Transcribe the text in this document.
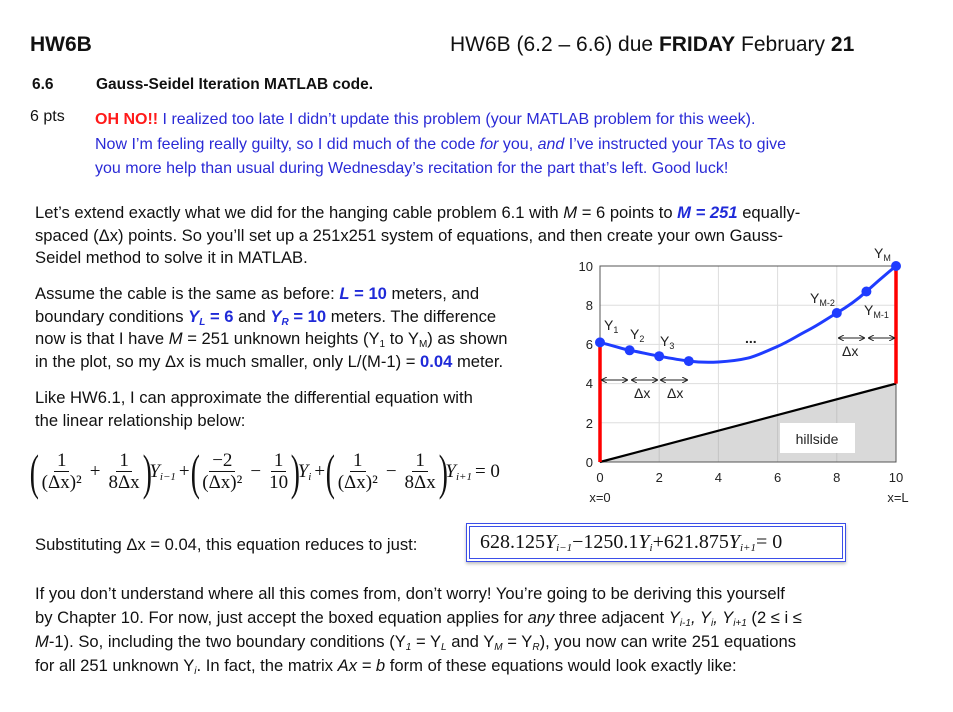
HW6B	HW6B (6.2 – 6.6) due FRIDAY February 21
6.6	Gauss-Seidel Iteration MATLAB code.
6 pts OH NO!! I realized too late I didn’t update this problem (your MATLAB problem for this week).
Now I’m feeling really guilty, so I did much of the code for you, and I’ve instructed your TAs to give
you more help than usual during Wednesday’s recitation for the part that’s left. Good luck!
Let’s extend exactly what we did for the hanging cable problem 6.1 with M = 6 points to M = 251 equally-
spaced (Δx) points. So you’ll set up a 251x251 system of equations, and then create your own Gauss-
Seidel method to solve it in MATLAB.
Assume the cable is the same as before: L = 10 meters, and
boundary conditions $Y_L = 6$ and $Y_R = 10$ meters. The difference
now is that I have M = 251 unknown heights ($Y_1$ to $Y_M$) as shown
in the plot, so my Δx is much smaller, only L/(M-1) = 0.04 meter.
Like HW6.1, I can approximate the differential equation with
the linear relationship below:
( $\frac{1}{\text{(Δx)²}} + \frac{1}{8\Delta x}$ )
$Y_{i-1}$ + ( $\frac{-2}{\text{(Δx)²}} - \frac{1}{10}$ )
$Y_i$ + ( $\frac{1}{\text{(Δx)²}} - \frac{1}{8\Delta x}$ )
$Y_{i+1} = 0$
Substituting Δx = 0.04, this equation reduces to just:	628.125 $Y_{i-1} -1250.1$ $Y_i +621.875$ $Y_{i+1} = 0$
If you don’t understand where all this comes from, don’t worry! You’re going to be deriving this yourself
by Chapter 10. For now, just accept the boxed equation applies for any three adjacent $Y_{i-1}$, $Y_i$, $Y_{i+1}$ (2 ≤ i ≤
M-1). So, including the two boundary conditions ($Y_1 = Y_L$ and $Y_M = Y_R$), you now can write 251 equations
for all 251 unknown $Y_i$. In fact, the matrix Ax = b form of these equations would look exactly like:
hillside
$Y_1$ $Y_2$ $Y_3$
$Y_{M-2}$ $Y_{M-1}$
$Y_M$
...
Δx Δx
Δx
10
8
6
4
2
0
0	2	4	6	8	10
x=0	x=L
